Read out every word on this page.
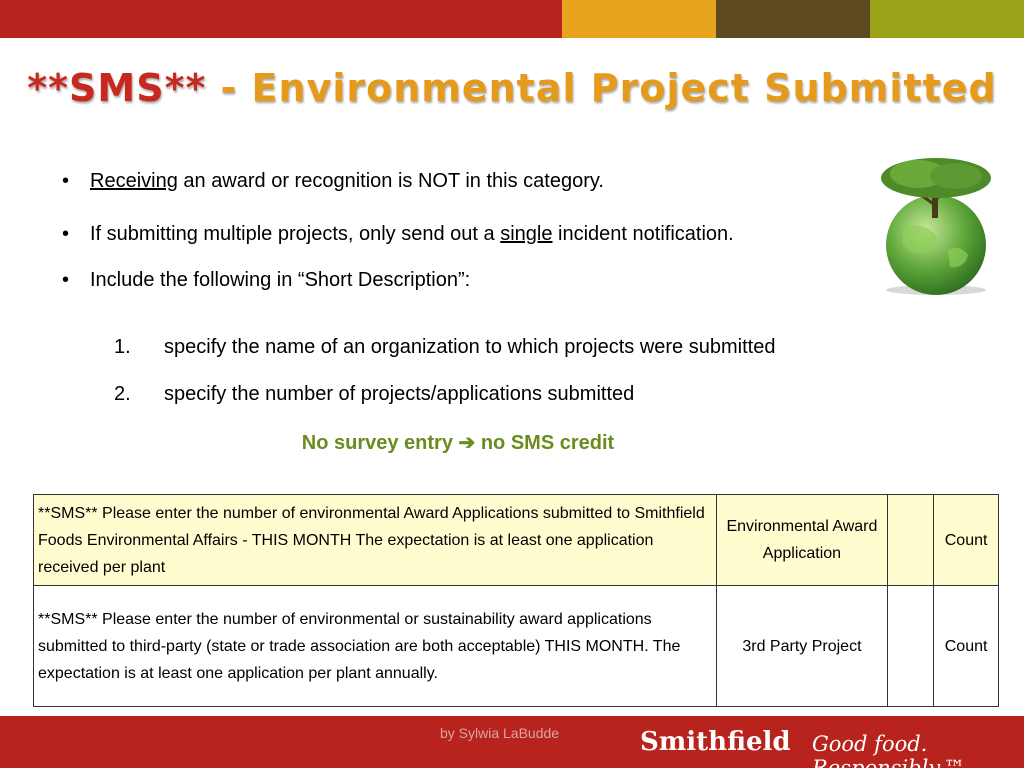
**SMS** - Environmental Project Submitted
• Receiving an award or recognition is NOT in this category.
• If submitting multiple projects, only send out a single incident notification.
• Include the following in “Short Description”:
1. specify the name of an organization to which projects were submitted
2. specify the number of projects/applications submitted
No survey entry ➔ no SMS credit
**SMS** Please enter the number of environmental Award Applications submitted to Smithfield Foods Environmental Affairs - THIS MONTH The expectation is at least one application received per plant	Environmental Award Application		Count
**SMS** Please enter the number of environmental or sustainability award applications submitted to third-party (state or trade association are both acceptable) THIS MONTH. The expectation is at least one application per plant annually.	3rd Party Project		Count
by Sylwia LaBudde	Smithfield Good food. Responsibly.™
